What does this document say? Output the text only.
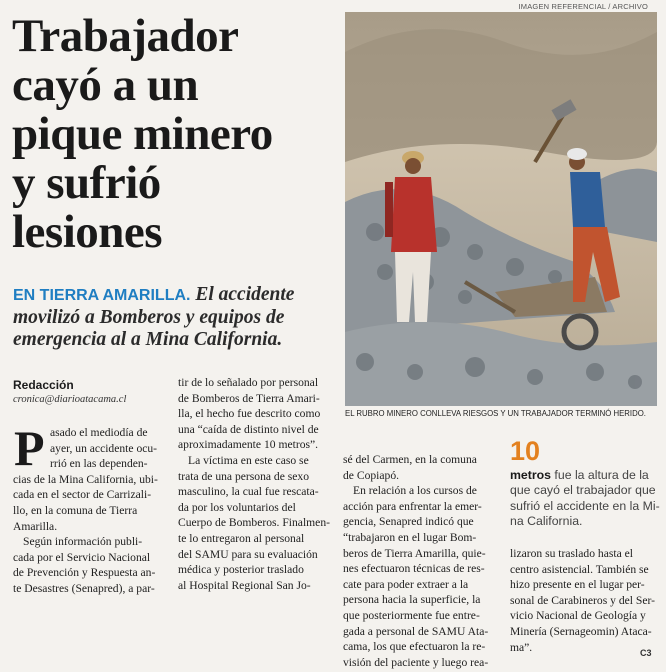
Trabajador
cayó a un
pique minero
y sufrió
lesiones
EN TIERRA AMARILLA. El accidente
movilizó a Bomberos y equipos de
emergencia al a Mina California.
Redacción
cronica@diarioatacama.cl
P asado el mediodía de
ayer, un accidente ocu-
rrió en las dependen-
cias de la Mina California, ubi-
cada en el sector de Carrizali-
llo, en la comuna de Tierra
Amarilla.
Según información publi-
cada por el Servicio Nacional
de Prevención y Respuesta an-
te Desastres (Senapred), a par-
tir de lo señalado por personal
de Bomberos de Tierra Amari-
lla, el hecho fue descrito como
una “caída de distinto nivel de
aproximadamente 10 metros”.
La víctima en este caso se
trata de una persona de sexo
masculino, la cual fue rescata-
da por los voluntarios del
Cuerpo de Bomberos. Finalmen-
te lo entregaron al personal
del SAMU para su evaluación
médica y posterior traslado
al Hospital Regional San Jo-
IMAGEN REFERENCIAL / ARCHIVO
EL RUBRO MINERO CONLLEVA RIESGOS Y UN TRABAJADOR TERMINÓ HERIDO.
sé del Carmen, en la comuna
de Copiapó.
En relación a los cursos de
acción para enfrentar la emer-
gencia, Senapred indicó que
“trabajaron en el lugar Bom-
beros de Tierra Amarilla, quie-
nes efectuaron técnicas de res-
cate para poder extraer a la
persona hacia la superficie, la
que posteriormente fue entre-
gada a personal de SAMU Ata-
cama, los que efectuaron la re-
visión del paciente y luego rea-
10
metros fue la altura de la
que cayó el trabajador que
sufrió el accidente en la Mi-
na California.
lizaron su traslado hasta el
centro asistencial. También se
hizo presente en el lugar per-
sonal de Carabineros y del Ser-
vicio Nacional de Geología y
Minería (Sernageomin) Ataca-
ma”.	C3
